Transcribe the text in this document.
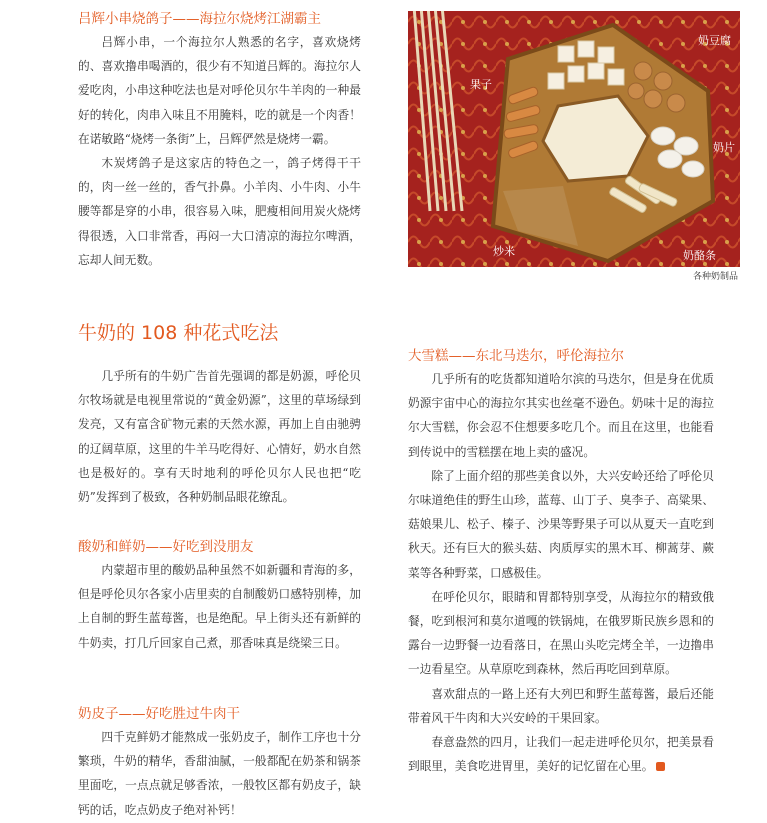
吕辉小串烧鸽子——海拉尔烧烤江湖霸主

吕辉小串，一个海拉尔人熟悉的名字，喜欢烧烤的、喜欢撸串喝酒的，很少有不知道吕辉的。海拉尔人爱吃肉，小串这种吃法也是对呼伦贝尔牛羊肉的一种最好的转化，肉串入味且不用腌料，吃的就是一个肉香！在诺敏路“烧烤一条街”上，吕辉俨然是烧烤一霸。

木炭烤鸽子是这家店的特色之一，鸽子烤得干干的，肉一丝一丝的，香气扑鼻。小羊肉、小牛肉、小牛腰等都是穿的小串，很容易入味，肥瘦相间用炭火烧烤得很透，入口非常香，再闷一大口清凉的海拉尔啤酒，忘却人间无数。

牛奶的 108 种花式吃法

几乎所有的牛奶广告首先强调的都是奶源，呼伦贝尔牧场就是电视里常说的“黄金奶源”，这里的草场绿到发亮，又有富含矿物元素的天然水源，再加上自由驰骋的辽阔草原，这里的牛羊马吃得好、心情好，奶水自然也是极好的。享有天时地利的呼伦贝尔人民也把“吃奶”发挥到了极致，各种奶制品眼花缭乱。

酸奶和鲜奶——好吃到没朋友

内蒙超市里的酸奶品种虽然不如新疆和青海的多，但是呼伦贝尔各家小店里卖的自制酸奶口感特别棒，加上自制的野生蓝莓酱，也是绝配。早上街头还有新鲜的牛奶卖，打几斤回家自己煮，那香味真是绕梁三日。

奶皮子——好吃胜过牛肉干

四千克鲜奶才能熬成一张奶皮子，制作工序也十分繁琐，牛奶的精华，香甜油腻，一般都配在奶茶和锅茶里面吃，一点点就足够香浓，一般牧区都有奶皮子，缺钙的话，吃点奶皮子绝对补钙！

奶豆腐
果子
奶片
炒米	奶酪条
各种奶制品
大雪糕——东北马迭尔，呼伦海拉尔

几乎所有的吃货都知道哈尔滨的马迭尔，但是身在优质奶源宇宙中心的海拉尔其实也丝毫不逊色。奶味十足的海拉尔大雪糕，你会忍不住想要多吃几个。而且在这里，也能看到传说中的雪糕摆在地上卖的盛况。

除了上面介绍的那些美食以外，大兴安岭还给了呼伦贝尔味道绝佳的野生山珍，蓝莓、山丁子、臭李子、高粱果、菇娘果儿、松子、榛子、沙果等野果子可以从夏天一直吃到秋天。还有巨大的猴头菇、肉质厚实的黑木耳、柳蒿芽、蕨菜等各种野菜，口感极佳。

在呼伦贝尔，眼睛和胃都特别享受，从海拉尔的精致俄餐，吃到根河和莫尔道嘎的铁锅炖，在俄罗斯民族乡恩和的露台一边野餐一边看落日，在黑山头吃完烤全羊，一边撸串一边看星空。从草原吃到森林，然后再吃回到草原。

喜欢甜点的一路上还有大列巴和野生蓝莓酱，最后还能带着风干牛肉和大兴安岭的干果回家。

春意盎然的四月，让我们一起走进呼伦贝尔，把美景看到眼里，美食吃进胃里，美好的记忆留在心里。
